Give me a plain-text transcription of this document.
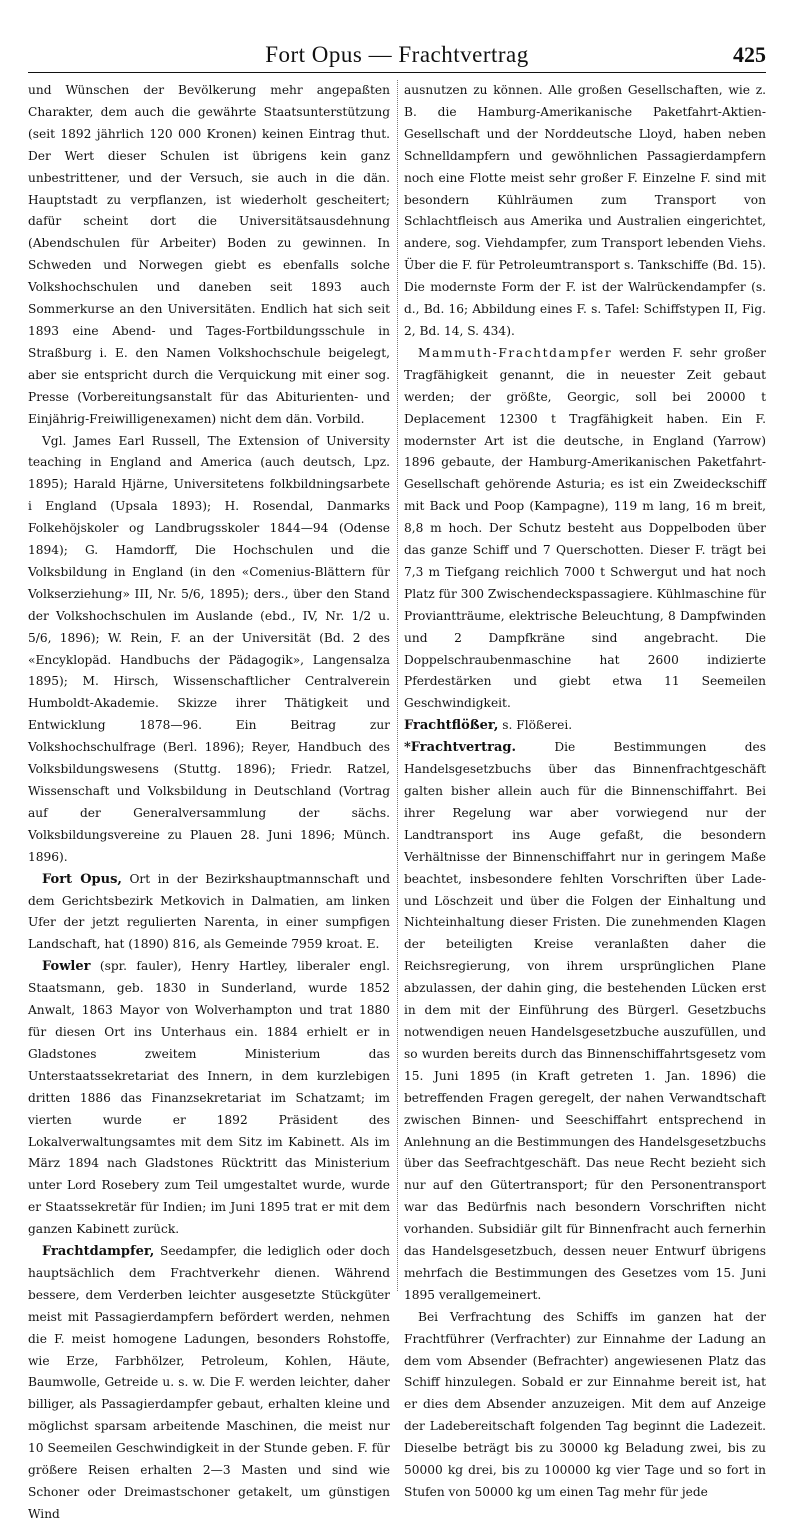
Fort Opus — Frachtvertrag	425

und Wünschen der Bevölkerung mehr angepaßten Charakter, dem auch die gewährte Staatsunterstützung (seit 1892 jährlich 120 000 Kronen) keinen Eintrag thut. Der Wert dieser Schulen ist übrigens kein ganz unbestrittener, und der Versuch, sie auch in die dän. Hauptstadt zu verpflanzen, ist wiederholt gescheitert; dafür scheint dort die Universitätsausdehnung (Abendschulen für Arbeiter) Boden zu gewinnen. In Schweden und Norwegen giebt es ebenfalls solche Volkshochschulen und daneben seit 1893 auch Sommerkurse an den Universitäten. Endlich hat sich seit 1893 eine Abend- und Tages-Fortbildungsschule in Straßburg i. E. den Namen Volkshochschule beigelegt, aber sie entspricht durch die Verquickung mit einer sog. Presse (Vorbereitungsanstalt für das Abiturienten- und Einjährig-Freiwilligenexamen) nicht dem dän. Vorbild.

Vgl. James Earl Russell, The Extension of University teaching in England and America (auch deutsch, Lpz. 1895); Harald Hjärne, Universitetens folkbildningsarbete i England (Upsala 1893); H. Rosendal, Danmarks Folkehöjskoler og Landbrugsskoler 1844—94 (Odense 1894); G. Hamdorff, Die Hochschulen und die Volksbildung in England (in den «Comenius-Blättern für Volkserziehung» III, Nr. 5/6, 1895); ders., über den Stand der Volkshochschulen im Auslande (ebd., IV, Nr. 1/2 u. 5/6, 1896); W. Rein, F. an der Universität (Bd. 2 des «Encyklopäd. Handbuchs der Pädagogik», Langensalza 1895); M. Hirsch, Wissenschaftlicher Centralverein Humboldt-Akademie. Skizze ihrer Thätigkeit und Entwicklung 1878—96. Ein Beitrag zur Volkshochschulfrage (Berl. 1896); Reyer, Handbuch des Volksbildungswesens (Stuttg. 1896); Friedr. Ratzel, Wissenschaft und Volksbildung in Deutschland (Vortrag auf der Generalversammlung der sächs. Volksbildungsvereine zu Plauen 28. Juni 1896; Münch. 1896).

Fort Opus, Ort in der Bezirkshauptmannschaft und dem Gerichtsbezirk Metkovich in Dalmatien, am linken Ufer der jetzt regulierten Narenta, in einer sumpfigen Landschaft, hat (1890) 816, als Gemeinde 7959 kroat. E.

Fowler (spr. fauler), Henry Hartley, liberaler engl. Staatsmann, geb. 1830 in Sunderland, wurde 1852 Anwalt, 1863 Mayor von Wolverhampton und trat 1880 für diesen Ort ins Unterhaus ein. 1884 erhielt er in Gladstones zweitem Ministerium das Unterstaatssekretariat des Innern, in dem kurzlebigen dritten 1886 das Finanzsekretariat im Schatzamt; im vierten wurde er 1892 Präsident des Lokalverwaltungsamtes mit dem Sitz im Kabinett. Als im März 1894 nach Gladstones Rücktritt das Ministerium unter Lord Rosebery zum Teil umgestaltet wurde, wurde er Staatssekretär für Indien; im Juni 1895 trat er mit dem ganzen Kabinett zurück.

Frachtdampfer, Seedampfer, die lediglich oder doch hauptsächlich dem Frachtverkehr dienen. Während bessere, dem Verderben leichter ausgesetzte Stückgüter meist mit Passagierdampfern befördert werden, nehmen die F. meist homogene Ladungen, besonders Rohstoffe, wie Erze, Farbhölzer, Petroleum, Kohlen, Häute, Baumwolle, Getreide u. s. w. Die F. werden leichter, daher billiger, als Passagierdampfer gebaut, erhalten kleine und möglichst sparsam arbeitende Maschinen, die meist nur 10 Seemeilen Geschwindigkeit in der Stunde geben. F. für größere Reisen erhalten 2—3 Masten und sind wie Schoner oder Dreimastschoner getakelt, um günstigen Wind

ausnutzen zu können. Alle großen Gesellschaften, wie z. B. die Hamburg-Amerikanische Paketfahrt-Aktien-Gesellschaft und der Norddeutsche Lloyd, haben neben Schnelldampfern und gewöhnlichen Passagierdampfern noch eine Flotte meist sehr großer F. Einzelne F. sind mit besondern Kühlräumen zum Transport von Schlachtfleisch aus Amerika und Australien eingerichtet, andere, sog. Viehdampfer, zum Transport lebenden Viehs. Über die F. für Petroleumtransport s. Tankschiffe (Bd. 15). Die modernste Form der F. ist der Walrückendampfer (s. d., Bd. 16; Abbildung eines F. s. Tafel: Schiffstypen II, Fig. 2, Bd. 14, S. 434).

Mammuth-Frachtdampfer werden F. sehr großer Tragfähigkeit genannt, die in neuester Zeit gebaut werden; der größte, Georgic, soll bei 20000 t Deplacement 12300 t Tragfähigkeit haben. Ein F. modernster Art ist die deutsche, in England (Yarrow) 1896 gebaute, der Hamburg-Amerikanischen Paketfahrt-Gesellschaft gehörende Asturia; es ist ein Zweideckschiff mit Back und Poop (Kampagne), 119 m lang, 16 m breit, 8,8 m hoch. Der Schutz besteht aus Doppelboden über das ganze Schiff und 7 Querschotten. Dieser F. trägt bei 7,3 m Tiefgang reichlich 7000 t Schwergut und hat noch Platz für 300 Zwischendeckspassagiere. Kühlmaschine für Proviantträume, elektrische Beleuchtung, 8 Dampfwinden und 2 Dampfkräne sind angebracht. Die Doppelschraubenmaschine hat 2600 indizierte Pferdestärken und giebt etwa 11 Seemeilen Geschwindigkeit.

Frachtflößer, s. Flößerei.

*Frachtvertrag.	Die Bestimmungen des Handelsgesetzbuchs über das Binnenfrachtgeschäft galten bisher allein auch für die Binnenschiffahrt. Bei ihrer Regelung war aber vorwiegend nur der Landtransport ins Auge gefaßt, die besondern Verhältnisse der Binnenschiffahrt nur in geringem Maße beachtet, insbesondere fehlten Vorschriften über Lade- und Löschzeit und über die Folgen der Einhaltung und Nichteinhaltung dieser Fristen. Die zunehmenden Klagen der beteiligten Kreise veranlaßten daher die Reichsregierung, von ihrem ursprünglichen Plane abzulassen, der dahin ging, die bestehenden Lücken erst in dem mit der Einführung des Bürgerl. Gesetzbuchs notwendigen neuen Handelsgesetzbuche auszufüllen, und so wurden bereits durch das Binnenschiffahrtsgesetz vom 15. Juni 1895 (in Kraft getreten 1. Jan. 1896) die betreffenden Fragen geregelt, der nahen Verwandtschaft zwischen Binnen- und Seeschiffahrt entsprechend in Anlehnung an die Bestimmungen des Handelsgesetzbuchs über das Seefrachtgeschäft. Das neue Recht bezieht sich nur auf den Gütertransport; für den Personentransport war das Bedürfnis nach besondern Vorschriften nicht vorhanden. Subsidiär gilt für Binnenfracht auch fernerhin das Handelsgesetzbuch, dessen neuer Entwurf übrigens mehrfach die Bestimmungen des Gesetzes vom 15. Juni 1895 verallgemeinert.

Bei Verfrachtung des Schiffs im ganzen hat der Frachtführer (Verfrachter) zur Einnahme der Ladung an dem vom Absender (Befrachter) angewiesenen Platz das Schiff hinzulegen. Sobald er zur Einnahme bereit ist, hat er dies dem Absender anzuzeigen. Mit dem auf Anzeige der Ladebereitschaft folgenden Tag beginnt die Ladezeit. Dieselbe beträgt bis zu 30000 kg Beladung zwei, bis zu 50000 kg drei, bis zu 100000 kg vier Tage und so fort in Stufen von 50000 kg um einen Tag mehr für jede
